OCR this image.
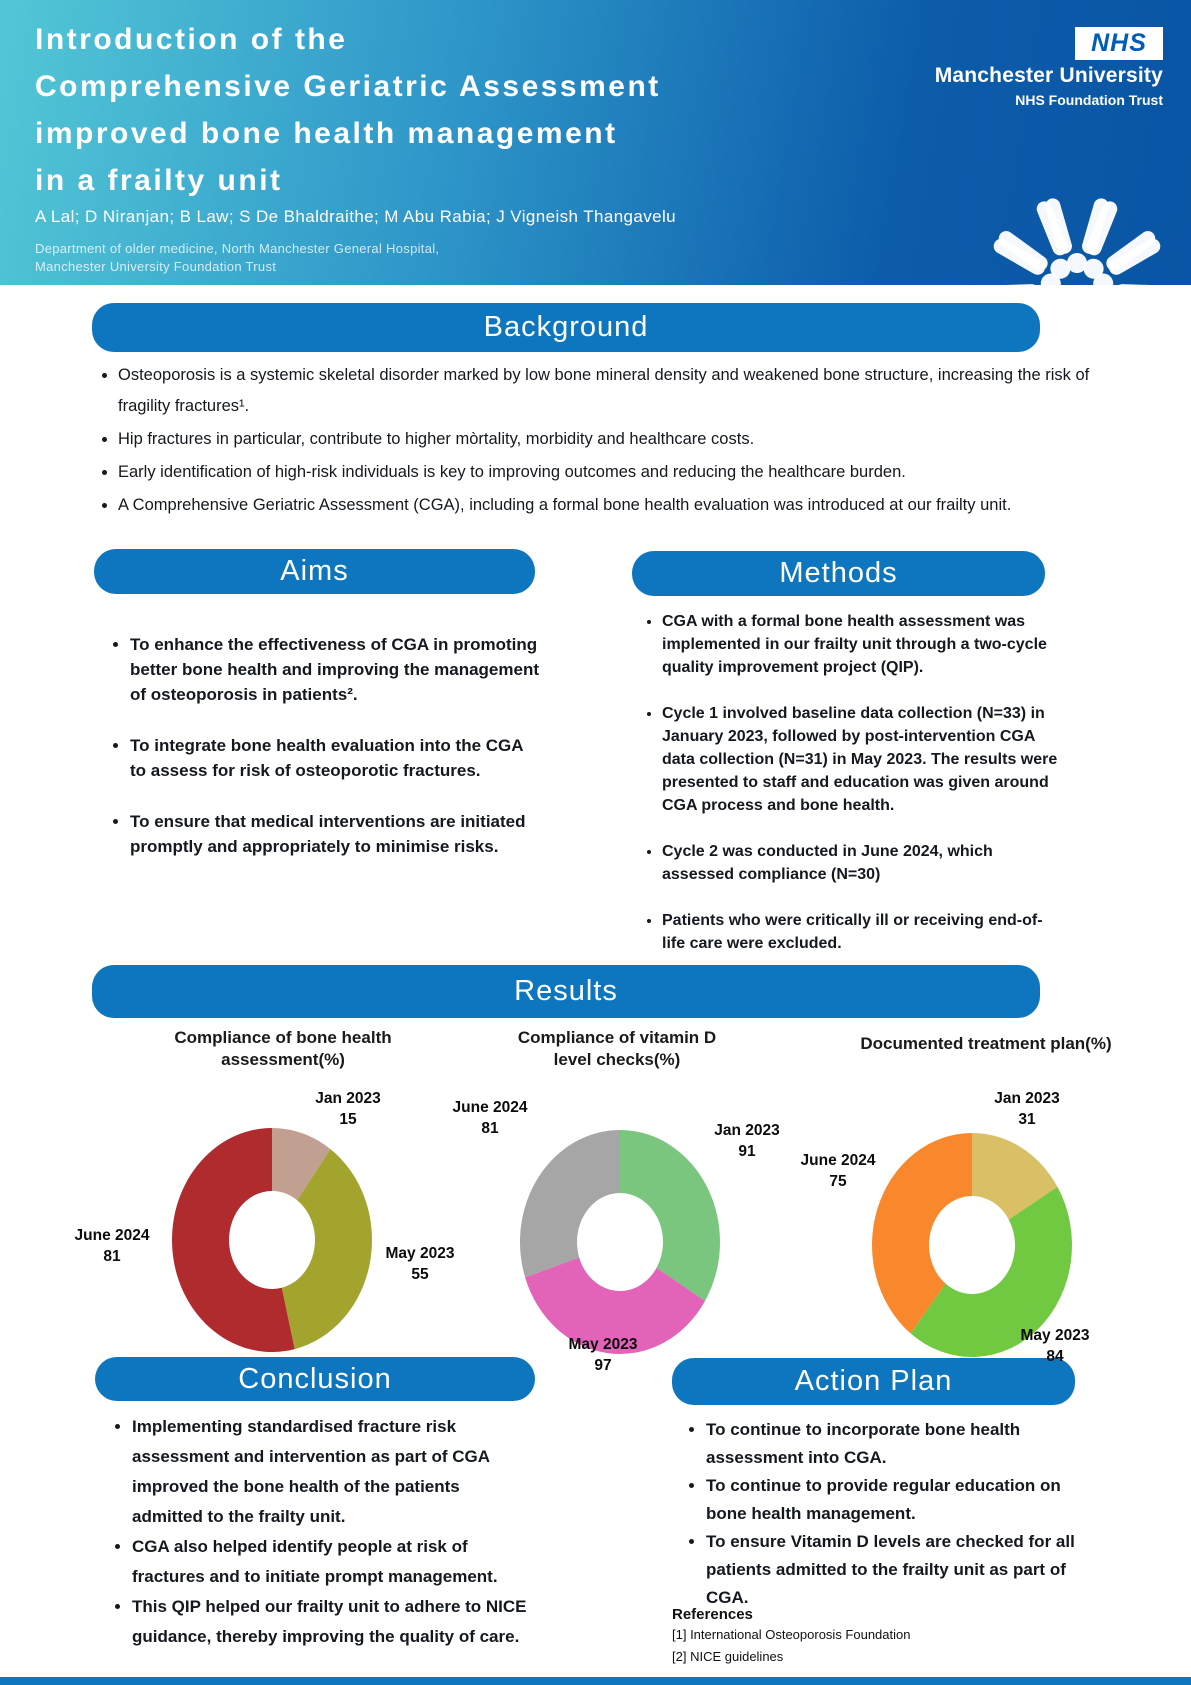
Introduction of the
Comprehensive Geriatric Assessment
improved bone health management
in a frailty unit
A Lal; D Niranjan; B Law; S De Bhaldraithe; M Abu Rabia; J Vigneish Thangavelu
Department of older medicine, North Manchester General Hospital,
Manchester University Foundation Trust
NHS
Manchester University
NHS Foundation Trust
Background
Aims	Methods
Results
Conclusion	Action Plan
• Osteoporosis is a systemic skeletal disorder marked by low bone mineral density and weakened bone structure, increasing the risk of fragility fractures¹.
• Hip fractures in particular, contribute to higher mòrtality, morbidity and healthcare costs.
• Early identification of high-risk individuals is key to improving outcomes and reducing the healthcare burden.
• A Comprehensive Geriatric Assessment (CGA), including a formal bone health evaluation was introduced at our frailty unit.
• To enhance the effectiveness of CGA in promoting better bone health and improving the management of osteoporosis in patients².
• To integrate bone health evaluation into the CGA to assess for risk of osteoporotic fractures.
• To ensure that medical interventions are initiated promptly and appropriately to minimise risks.
• CGA with a formal bone health assessment was implemented in our frailty unit through a two-cycle quality improvement project (QIP).
• Cycle 1 involved baseline data collection (N=33) in January 2023, followed by post-intervention CGA data collection (N=31) in May 2023. The results were presented to staff and education was given around CGA process and bone health.
• Cycle 2 was conducted in June 2024, which assessed compliance (N=30)
• Patients who were critically ill or receiving end-of-life care were excluded.
Compliance of bone health assessment(%)
Compliance of vitamin D level checks(%)
Documented treatment plan(%)
Jan 2023
15
May 2023
55
June 2024
81
Jan 2023
91
May 2023
97
June 2024
81
Jan 2023
31
May 2023
84
June 2024
75
• Implementing standardised fracture risk assessment and intervention as part of CGA improved the bone health of the patients admitted to the frailty unit.
• CGA also helped identify people at risk of fractures and to initiate prompt management.
• This QIP helped our frailty unit to adhere to NICE guidance, thereby improving the quality of care.
• To continue to incorporate bone health assessment into CGA.
• To continue to provide regular education on bone health management.
• To ensure Vitamin D levels are checked for all patients admitted to the frailty unit as part of CGA.
References
[1] International Osteoporosis Foundation
[2] NICE guidelines
